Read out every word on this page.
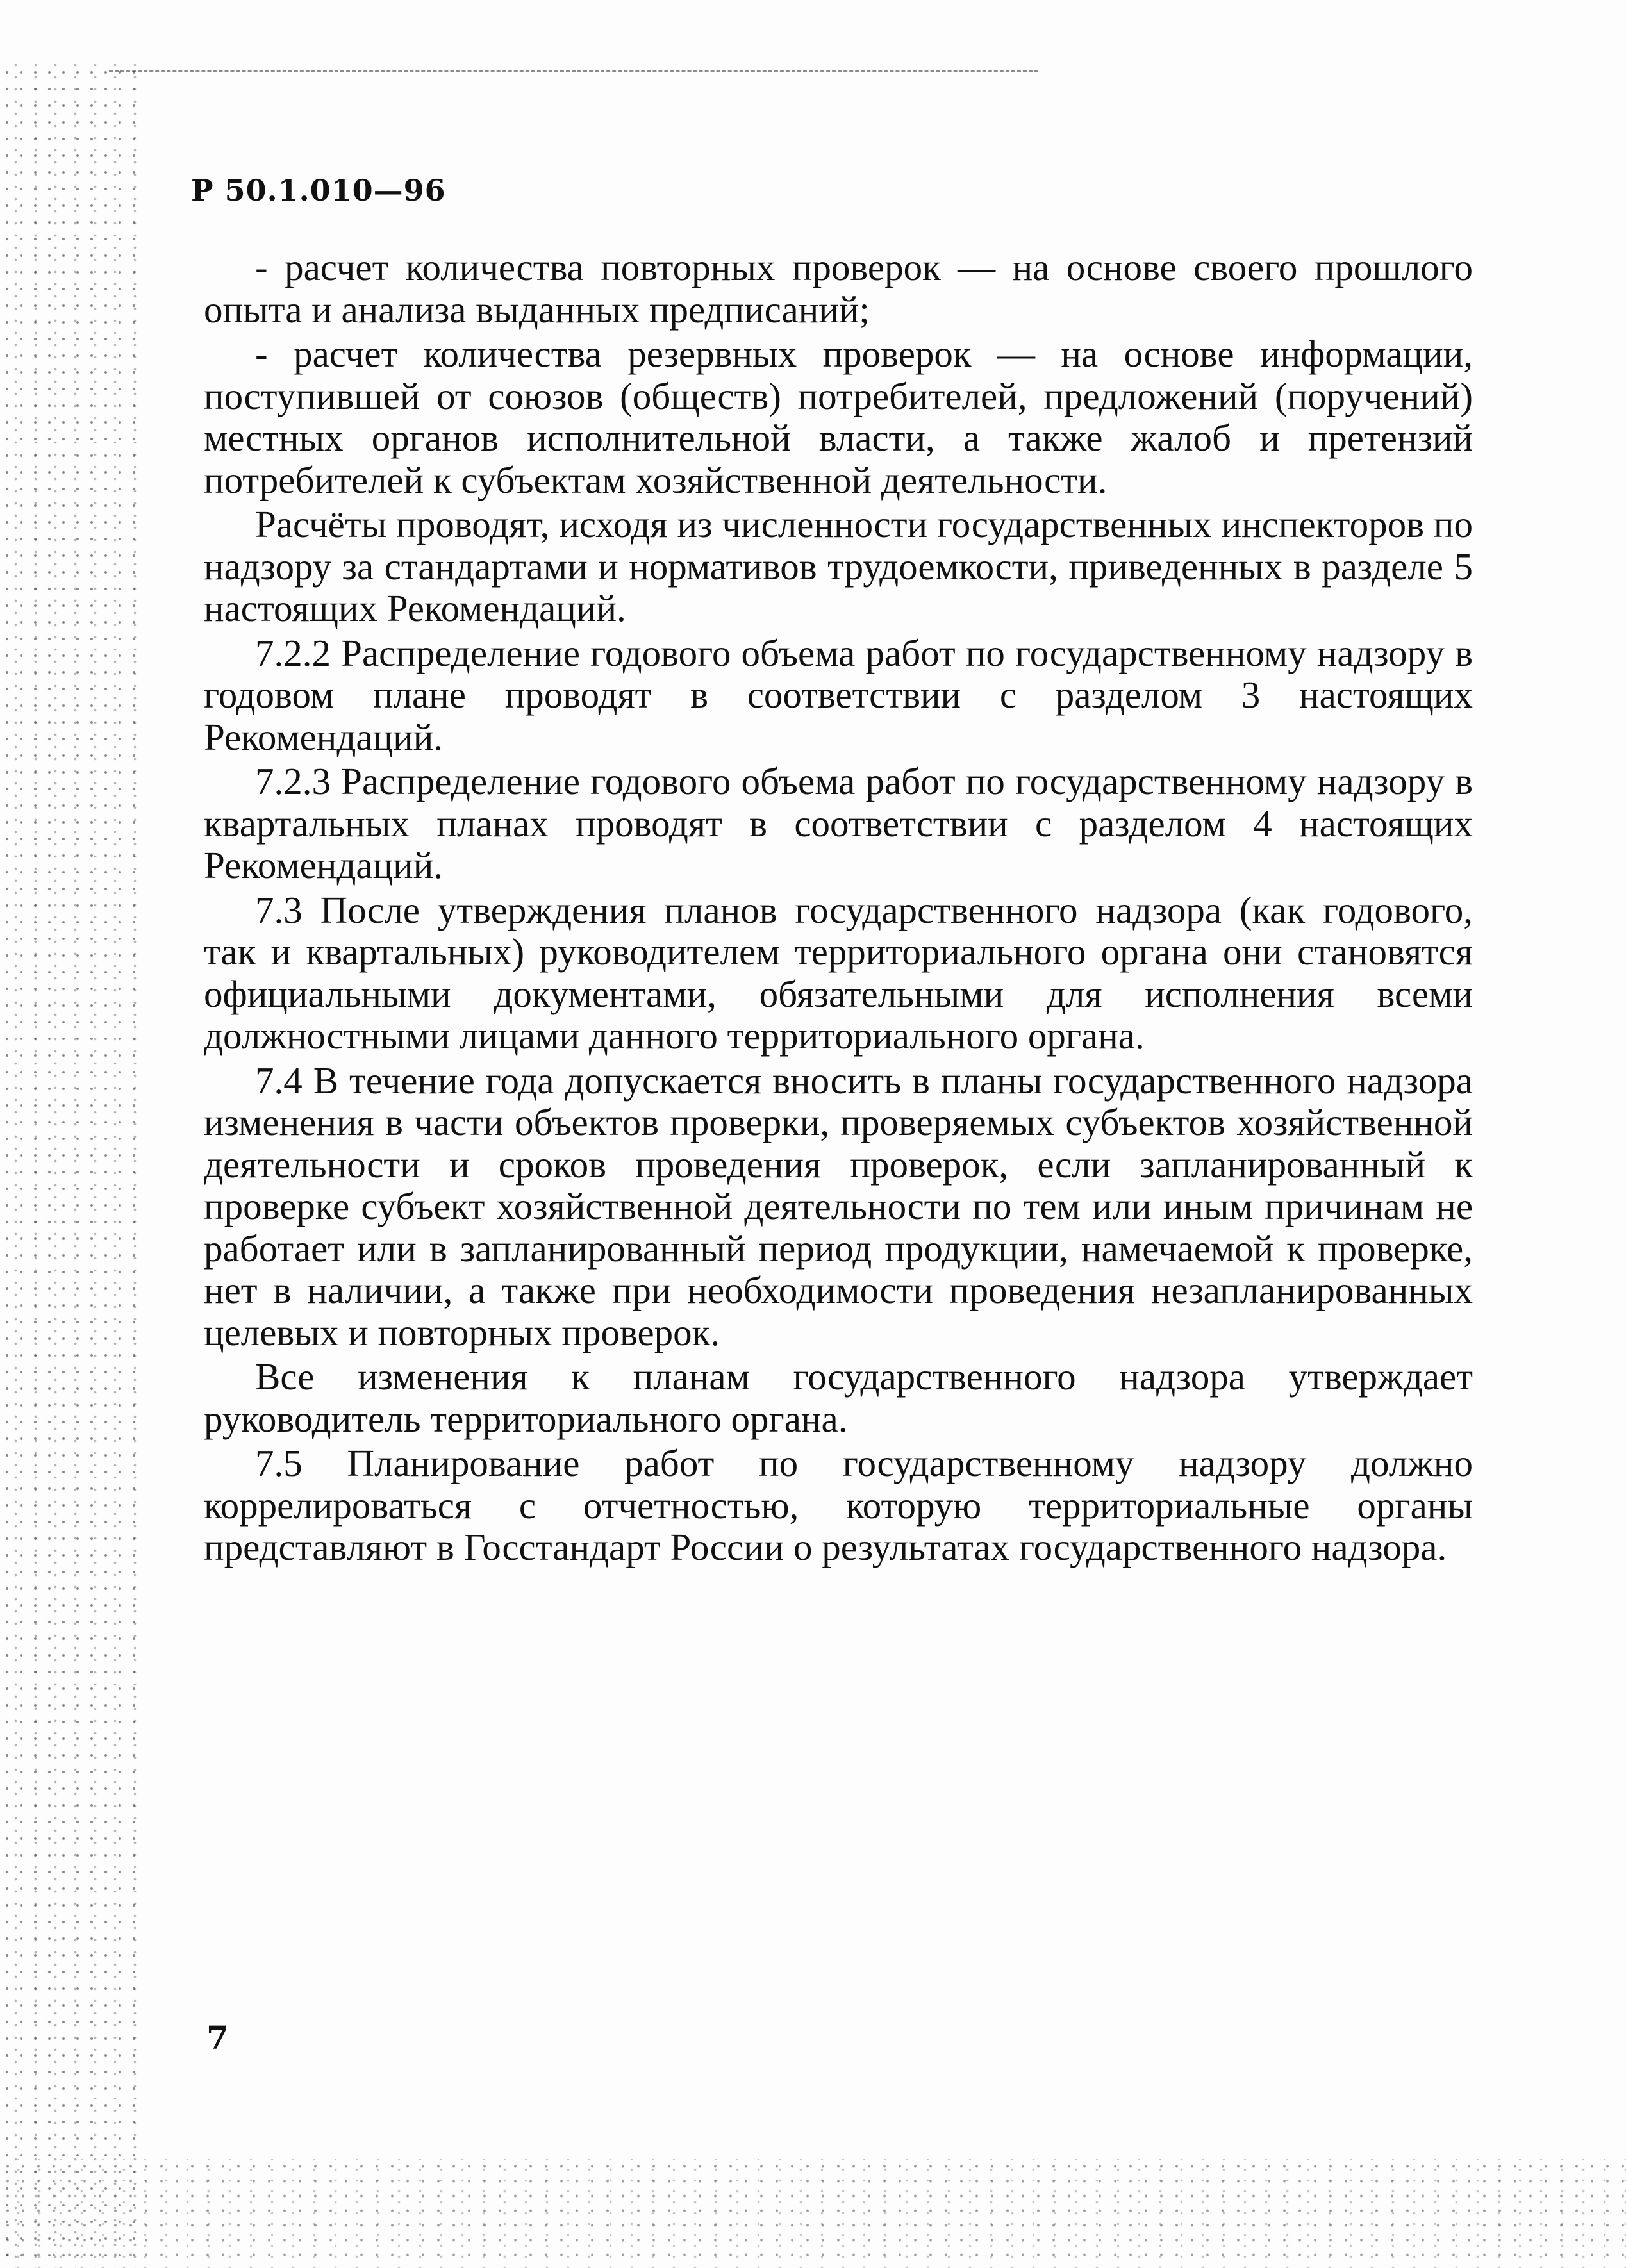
Р 50.1.010—96

- расчет количества повторных проверок — на основе своего прошлого опыта и анализа выданных предписаний;

- расчет количества резервных проверок — на основе информации, поступившей от союзов (обществ) потребителей, предложений (поручений) местных органов исполнительной власти, а также жалоб и претензий потребителей к субъектам хозяйственной деятельности.

Расчёты проводят, исходя из численности государственных инспекторов по надзору за стандартами и нормативов трудоемкости, приведенных в разделе 5 настоящих Рекомендаций.

7.2.2 Распределение годового объема работ по государственному надзору в годовом плане проводят в соответствии с разделом 3 настоящих Рекомендаций.

7.2.3 Распределение годового объема работ по государственному надзору в квартальных планах проводят в соответствии с разделом 4 настоящих Рекомендаций.

7.3 После утверждения планов государственного надзора (как годового, так и квартальных) руководителем территориального органа они становятся официальными документами, обязательными для исполнения всеми должностными лицами данного территориального органа.

7.4 В течение года допускается вносить в планы государственного надзора изменения в части объектов проверки, проверяемых субъектов хозяйственной деятельности и сроков проведения проверок, если запланированный к проверке субъект хозяйственной деятельности по тем или иным причинам не работает или в запланированный период продукции, намечаемой к проверке, нет в наличии, а также при необходимости проведения незапланированных целевых и повторных проверок.

Все изменения к планам государственного надзора утверждает руководитель территориального органа.

7.5 Планирование работ по государственному надзору должно коррелироваться с отчетностью, которую территориальные органы представляют в Госстандарт России о результатах государственного надзора.

7
